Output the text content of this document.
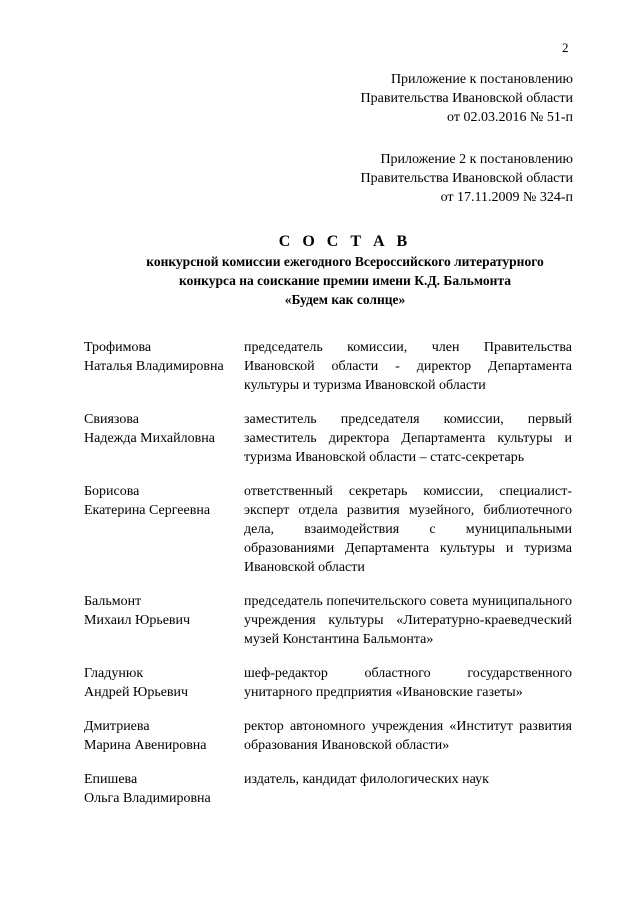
2
Приложение к постановлению
Правительства Ивановской области
от 02.03.2016 № 51-п
Приложение 2 к постановлению
Правительства Ивановской области
от 17.11.2009 № 324-п
С О С Т А В
конкурсной комиссии ежегодного Всероссийского литературного
конкурса на соискание премии имени К.Д. Бальмонта
«Будем как солнце»
Трофимова
Наталья Владимировна
председатель комиссии, член Правительства Ивановской области - директор Департамента культуры и туризма Ивановской области
Свиязова
Надежда Михайловна
заместитель председателя комиссии, первый заместитель директора Департамента культуры и туризма Ивановской области – статс-секретарь
Борисова
Екатерина Сергеевна
ответственный секретарь комиссии, специалист-эксперт отдела развития музейного, библиотечного дела, взаимодействия с муниципальными образованиями Департамента культуры и туризма Ивановской области
Бальмонт
Михаил Юрьевич
председатель попечительского совета муниципального учреждения культуры «Литературно-краеведческий музей Константина Бальмонта»
Гладунюк
Андрей Юрьевич
шеф-редактор областного государственного унитарного предприятия «Ивановские газеты»
Дмитриева
Марина Авенировна
ректор автономного учреждения «Институт развития образования Ивановской области»
Епишева
Ольга Владимировна
издатель, кандидат филологических наук
